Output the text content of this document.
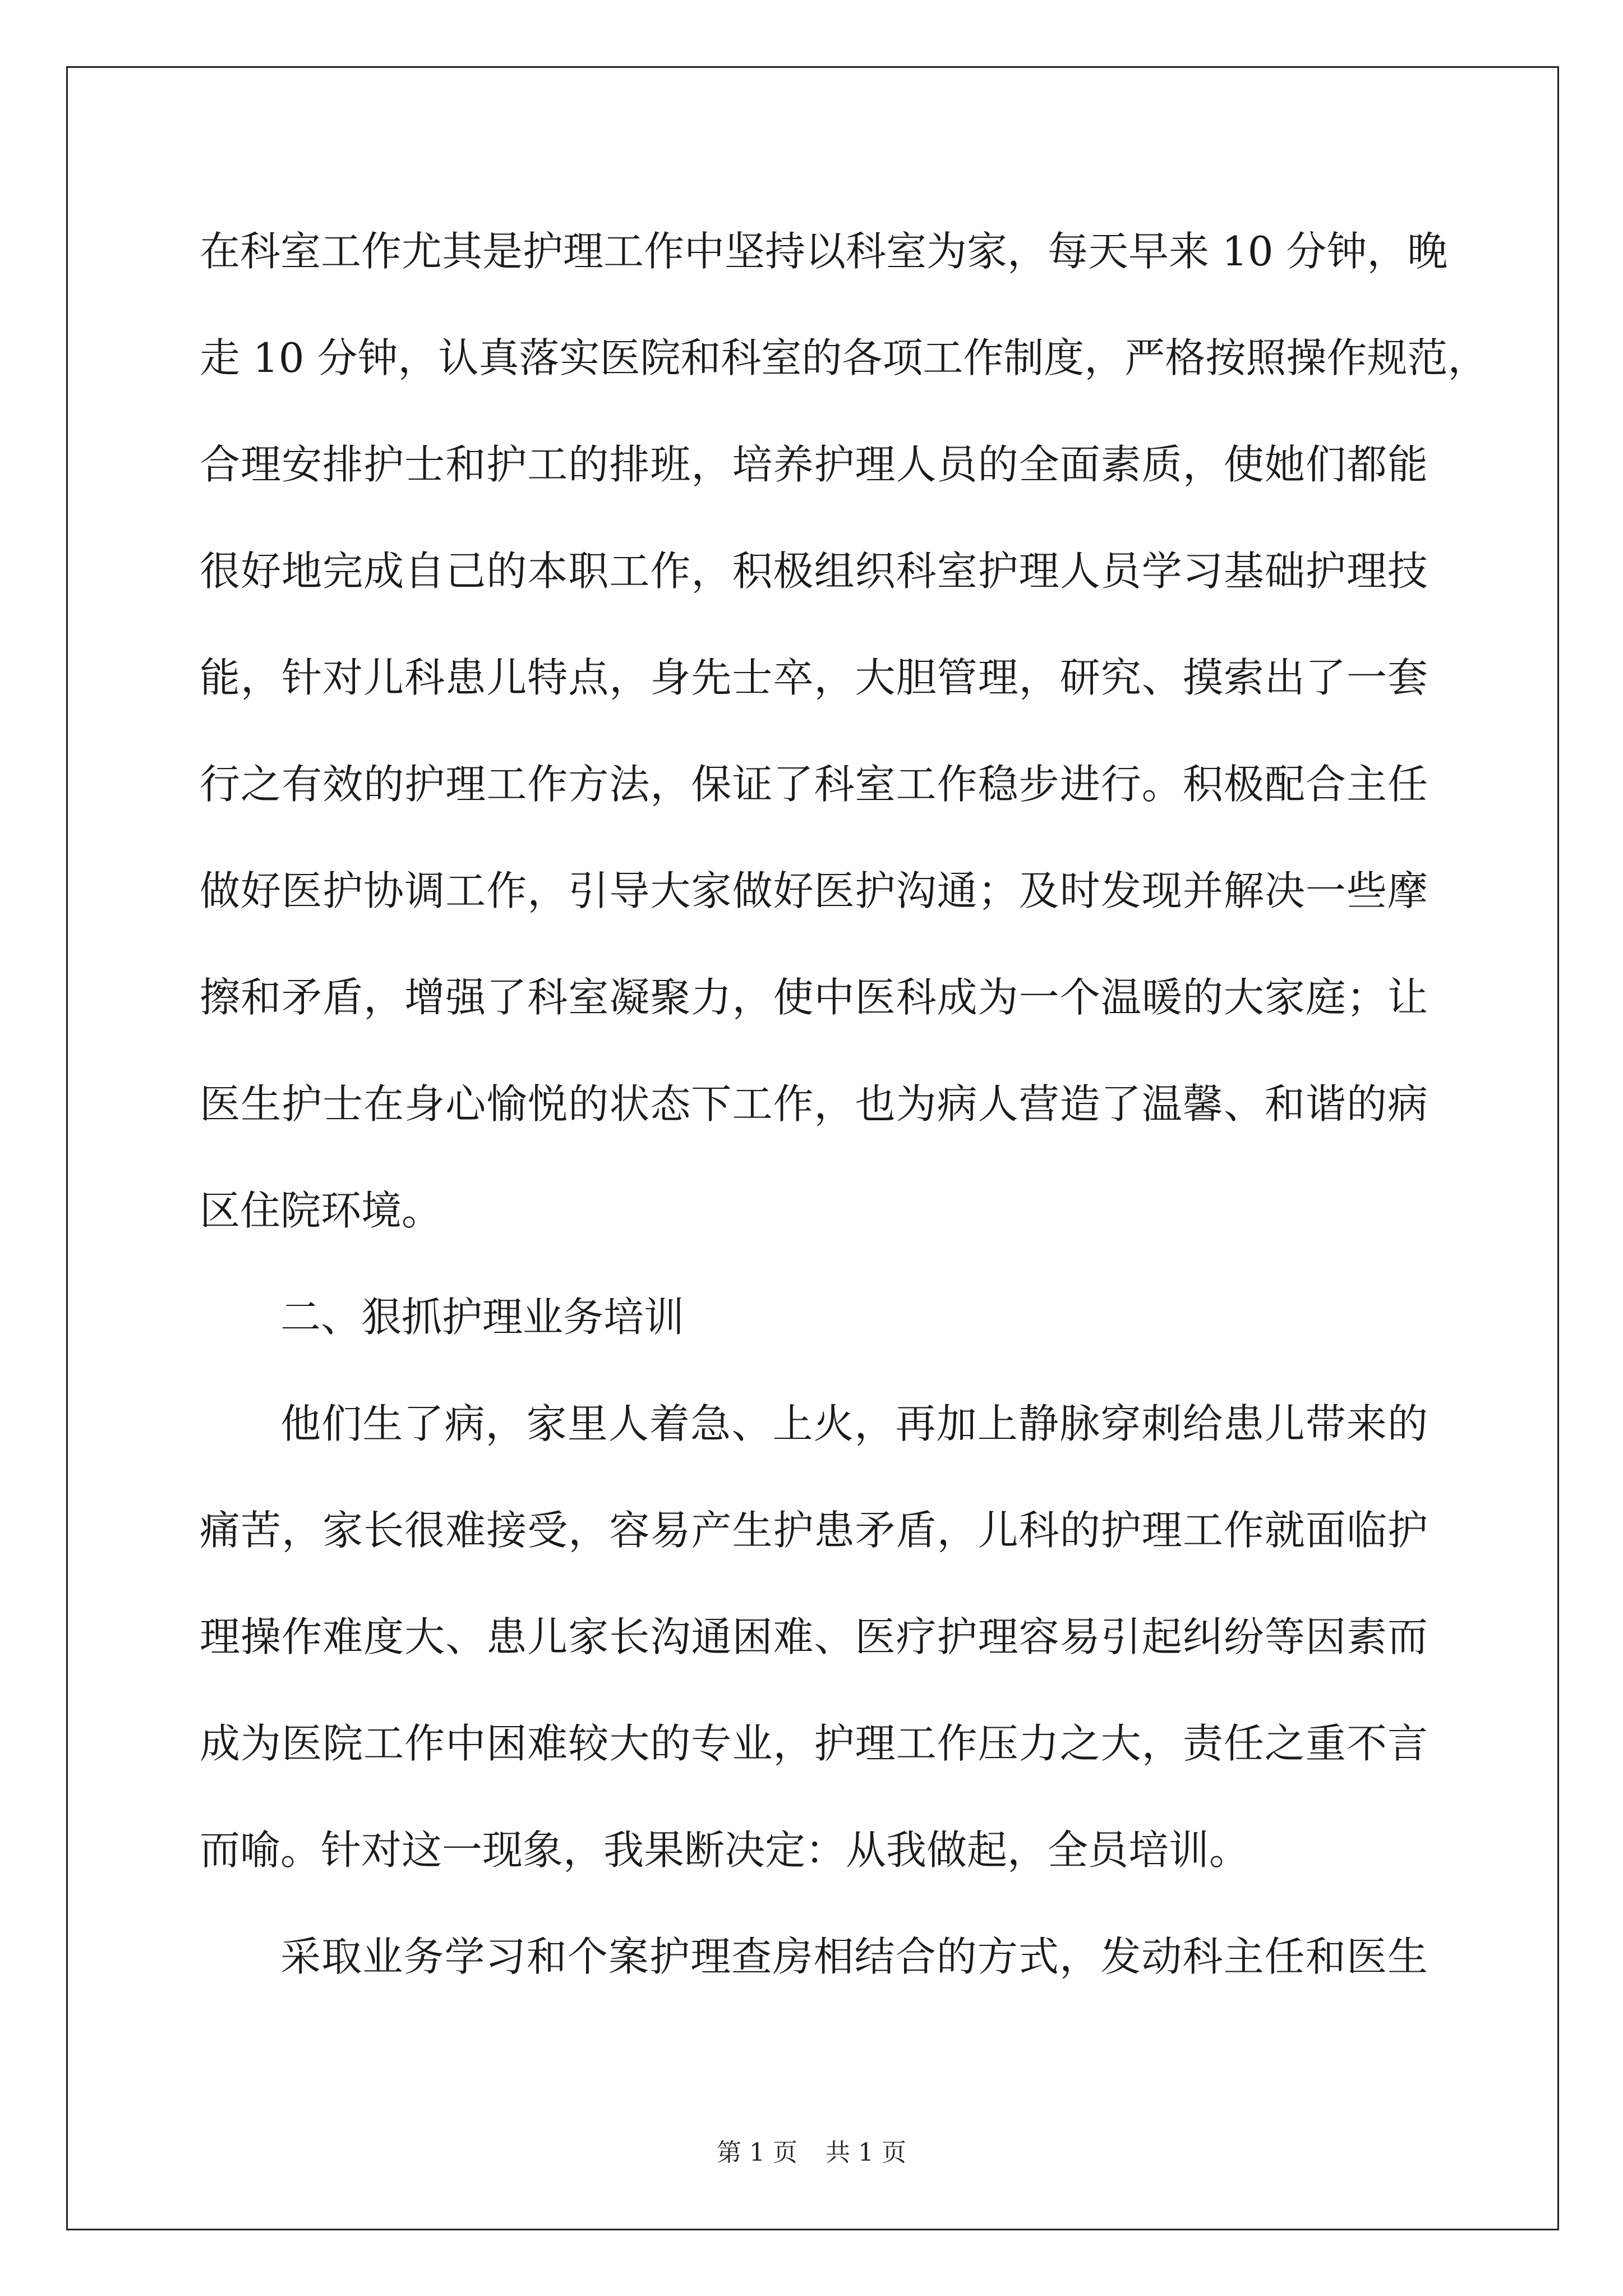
在科室工作尤其是护理工作中坚持以科室为家，每天早来 10 分钟，晚
走 10 分钟，认真落实医院和科室的各项工作制度，严格按照操作规范，
合理安排护士和护工的排班，培养护理人员的全面素质，使她们都能
很好地完成自己的本职工作，积极组织科室护理人员学习基础护理技
能，针对儿科患儿特点，身先士卒，大胆管理，研究、摸索出了一套
行之有效的护理工作方法，保证了科室工作稳步进行。积极配合主任
做好医护协调工作，引导大家做好医护沟通；及时发现并解决一些摩
擦和矛盾，增强了科室凝聚力，使中医科成为一个温暖的大家庭；让
医生护士在身心愉悦的状态下工作，也为病人营造了温馨、和谐的病
区住院环境。
二、狠抓护理业务培训
他们生了病，家里人着急、上火，再加上静脉穿刺给患儿带来的
痛苦，家长很难接受，容易产生护患矛盾，儿科的护理工作就面临护
理操作难度大、患儿家长沟通困难、医疗护理容易引起纠纷等因素而
成为医院工作中困难较大的专业，护理工作压力之大，责任之重不言
而喻。针对这一现象，我果断决定：从我做起，全员培训。
采取业务学习和个案护理查房相结合的方式，发动科主任和医生
第 1 页 共 1 页
